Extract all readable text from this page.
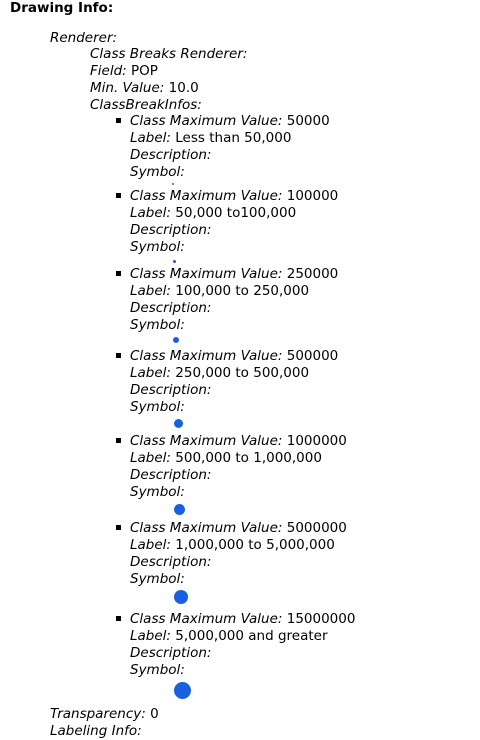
Drawing Info:
Renderer:
Class Breaks Renderer:
Field: POP
Min. Value: 10.0
ClassBreakInfos:
Class Maximum Value: 50000
Label: Less than 50,000
Description:
Symbol:
Class Maximum Value: 100000
Label: 50,000 to100,000
Description:
Symbol:
Class Maximum Value: 250000
Label: 100,000 to 250,000
Description:
Symbol:
Class Maximum Value: 500000
Label: 250,000 to 500,000
Description:
Symbol:
Class Maximum Value: 1000000
Label: 500,000 to 1,000,000
Description:
Symbol:
Class Maximum Value: 5000000
Label: 1,000,000 to 5,000,000
Description:
Symbol:
Class Maximum Value: 15000000
Label: 5,000,000 and greater
Description:
Symbol:
Transparency: 0
Labeling Info:
